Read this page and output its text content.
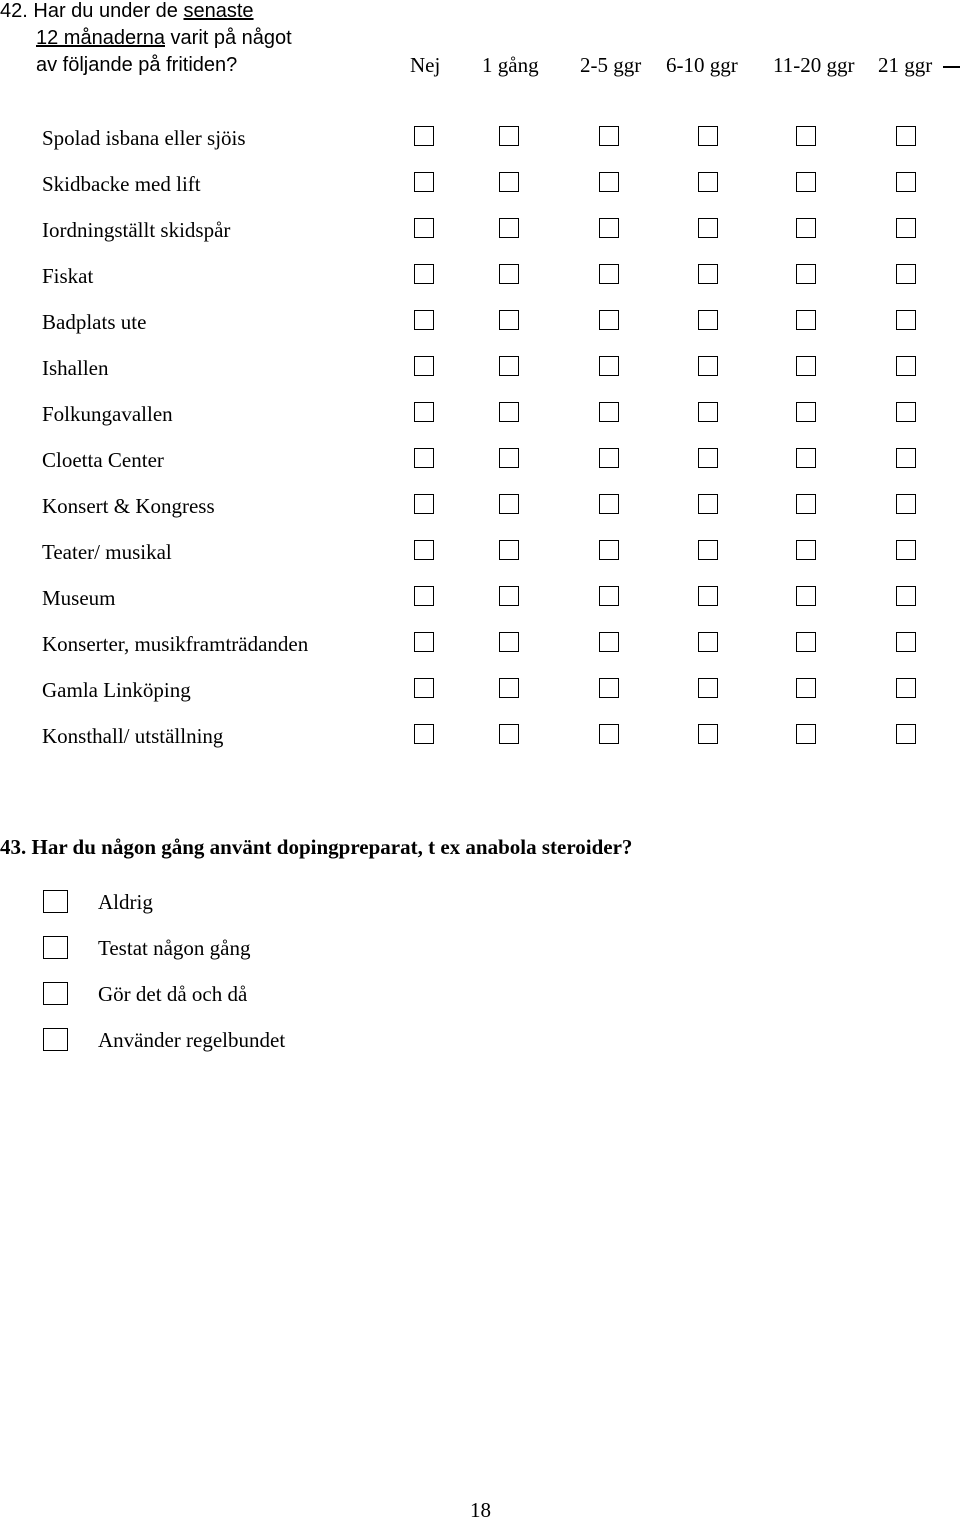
42. Har du under de senaste
12 månaderna varit på något
av följande på fritiden?	Nej 1 gång 2-5 ggr 6-10 ggr 11-20 ggr 21 ggr
Spolad isbana eller sjöis
Skidbacke med lift
Iordningställt skidspår
Fiskat
Badplats ute
Ishallen
Folkungavallen
Cloetta Center
Konsert & Kongress
Teater/ musikal
Museum
Konserter, musikframträdanden
Gamla Linköping
Konsthall/ utställning
43. Har du någon gång använt dopingpreparat, t ex anabola steroider?
Aldrig
Testat någon gång
Gör det då och då
Använder regelbundet
18
